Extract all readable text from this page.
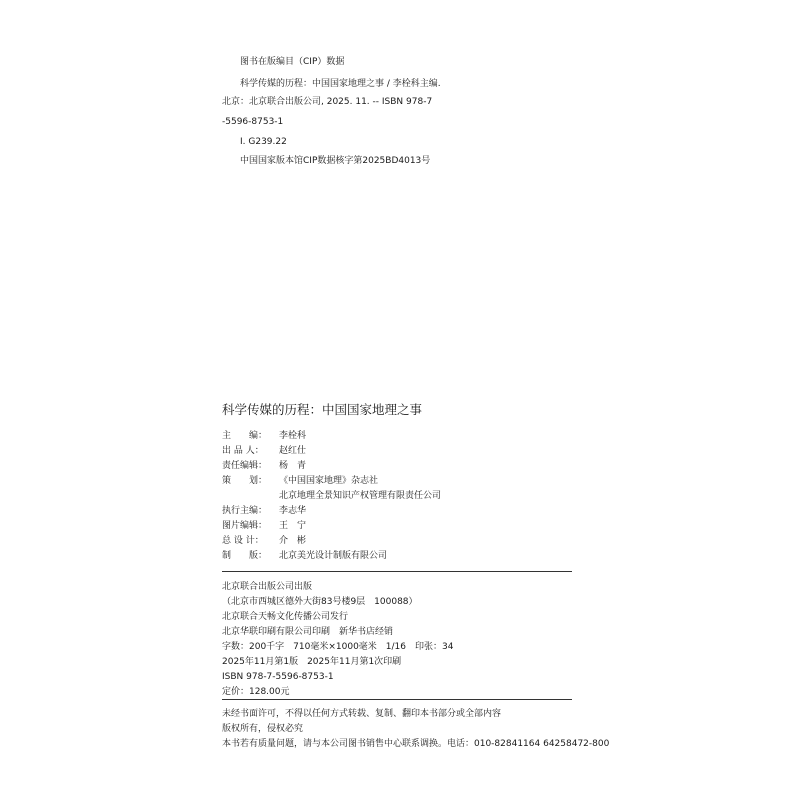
图书在版编目（CIP）数据
科学传媒的历程：中国国家地理之事 / 李栓科主编.
北京：北京联合出版公司, 2025. 11. -- ISBN 978-7
-5596-8753-1
Ⅰ. G239.22
中国国家版本馆CIP数据核字第2025BD4013号
科学传媒的历程：中国国家地理之事
主　　编： 李栓科
出 品 人： 赵红仕
责任编辑： 杨　青
策　　划： 《中国国家地理》杂志社
北京地理全景知识产权管理有限责任公司
执行主编： 李志华
图片编辑： 王　宁
总 设 计： 介　彬
制　　版： 北京美光设计制版有限公司
北京联合出版公司出版
（北京市西城区德外大街83号楼9层　100088）
北京联合天畅文化传播公司发行
北京华联印刷有限公司印刷　新华书店经销
字数：200千字　710毫米×1000毫米　1/16　印张：34
2025年11月第1版　2025年11月第1次印刷
ISBN 978-7-5596-8753-1
定价：128.00元
未经书面许可，不得以任何方式转载、复制、翻印本书部分或全部内容
版权所有，侵权必究
本书若有质量问题，请与本公司图书销售中心联系调换。电话：010-82841164 64258472-800
